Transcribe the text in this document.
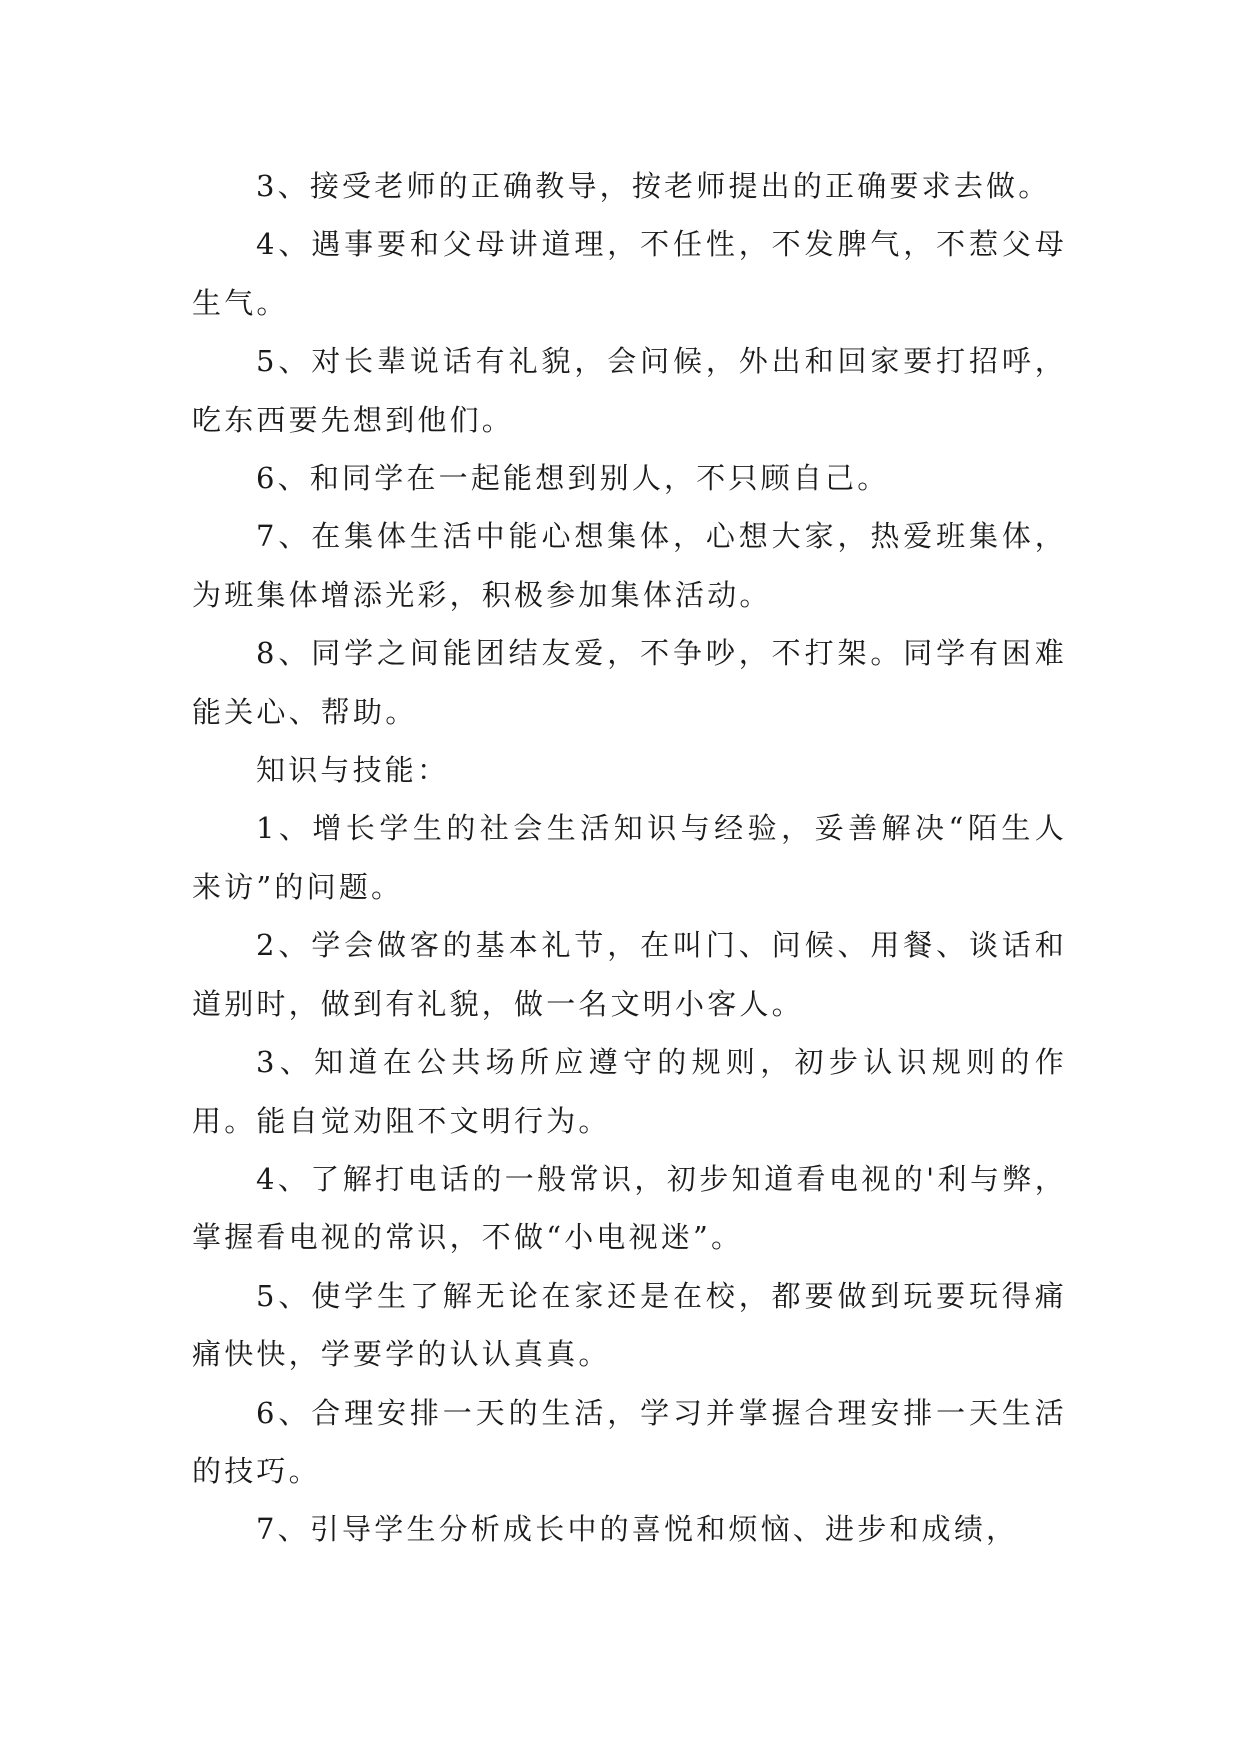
3、接受老师的正确教导，按老师提出的正确要求去做。

4、遇事要和父母讲道理，不任性，不发脾气，不惹父母生气。

5、对长辈说话有礼貌，会问候，外出和回家要打招呼，吃东西要先想到他们。

6、和同学在一起能想到别人，不只顾自己。

7、在集体生活中能心想集体，心想大家，热爱班集体，为班集体增添光彩，积极参加集体活动。

8、同学之间能团结友爱，不争吵，不打架。同学有困难能关心、帮助。

知识与技能：

1、增长学生的社会生活知识与经验，妥善解决“陌生人来访”的问题。

2、学会做客的基本礼节，在叫门、问候、用餐、谈话和道别时，做到有礼貌，做一名文明小客人。

3、知道在公共场所应遵守的规则，初步认识规则的作用。能自觉劝阻不文明行为。

4、了解打电话的一般常识，初步知道看电视的'利与弊，掌握看电视的常识，不做“小电视迷”。

5、使学生了解无论在家还是在校，都要做到玩要玩得痛痛快快，学要学的认认真真。

6、合理安排一天的生活，学习并掌握合理安排一天生活的技巧。

7、引导学生分析成长中的喜悦和烦恼、进步和成绩，
